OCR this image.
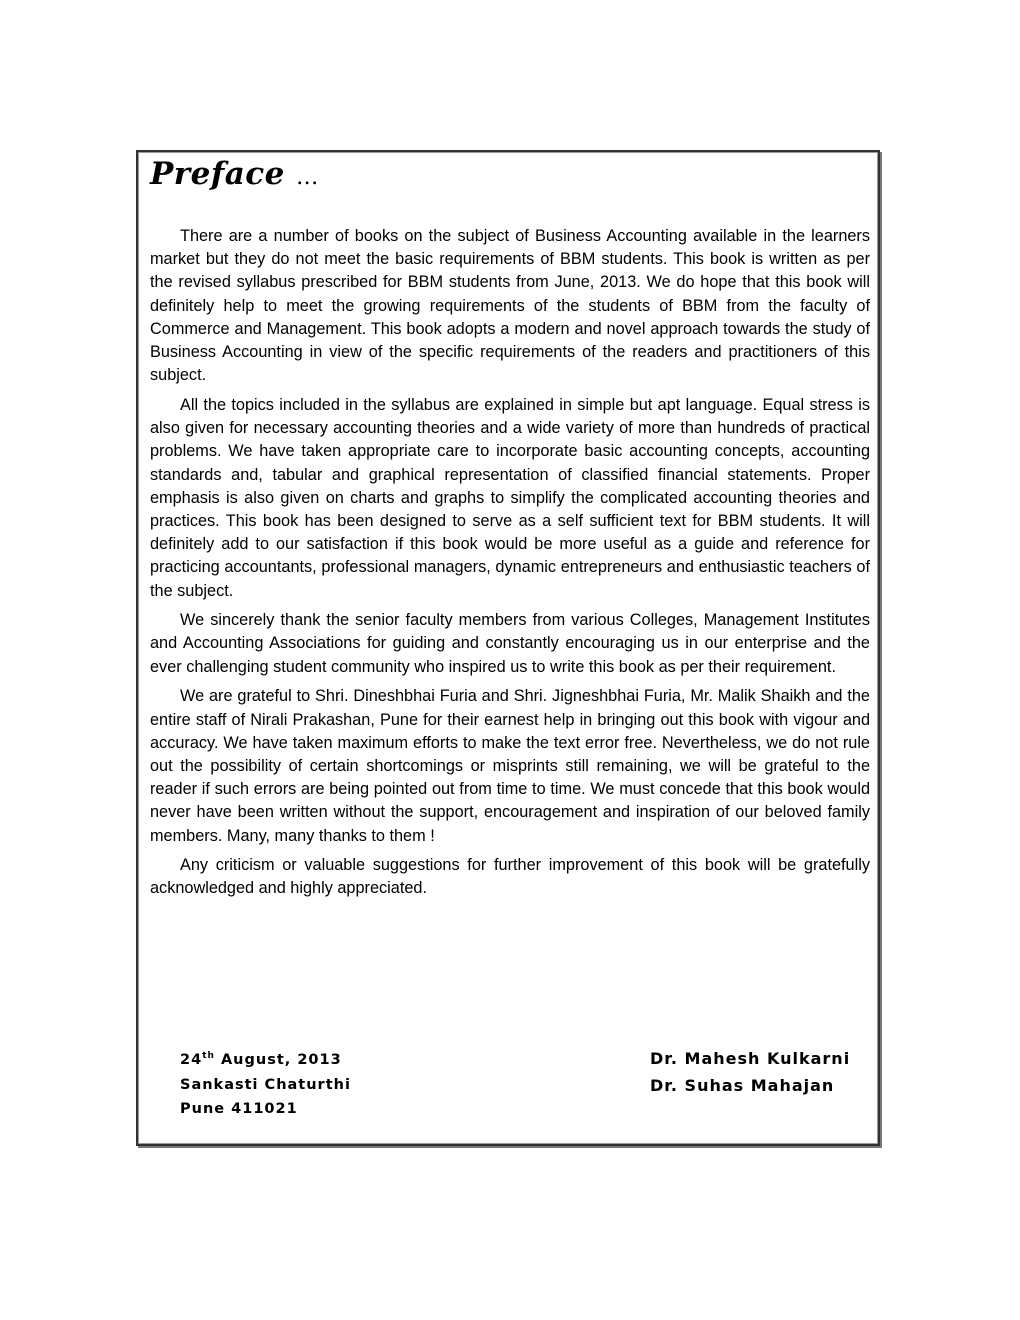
Preface ...

There are a number of books on the subject of Business Accounting available in the learners market but they do not meet the basic requirements of BBM students. This book is written as per the revised syllabus prescribed for BBM students from June, 2013. We do hope that this book will definitely help to meet the growing requirements of the students of BBM from the faculty of Commerce and Management. This book adopts a modern and novel approach towards the study of Business Accounting in view of the specific requirements of the readers and practitioners of this subject.

All the topics included in the syllabus are explained in simple but apt language. Equal stress is also given for necessary accounting theories and a wide variety of more than hundreds of practical problems. We have taken appropriate care to incorporate basic accounting concepts, accounting standards and, tabular and graphical representation of classified financial statements. Proper emphasis is also given on charts and graphs to simplify the complicated accounting theories and practices. This book has been designed to serve as a self sufficient text for BBM students. It will definitely add to our satisfaction if this book would be more useful as a guide and reference for practicing accountants, professional managers, dynamic entrepreneurs and enthusiastic teachers of the subject.

We sincerely thank the senior faculty members from various Colleges, Management Institutes and Accounting Associations for guiding and constantly encouraging us in our enterprise and the ever challenging student community who inspired us to write this book as per their requirement.

We are grateful to Shri. Dineshbhai Furia and Shri. Jigneshbhai Furia, Mr. Malik Shaikh and the entire staff of Nirali Prakashan, Pune for their earnest help in bringing out this book with vigour and accuracy. We have taken maximum efforts to make the text error free. Nevertheless, we do not rule out the possibility of certain shortcomings or misprints still remaining, we will be grateful to the reader if such errors are being pointed out from time to time. We must concede that this book would never have been written without the support, encouragement and inspiration of our beloved family members. Many, many thanks to them !

Any criticism or valuable suggestions for further improvement of this book will be gratefully acknowledged and highly appreciated.

24th August, 2013
Sankasti Chaturthi
Pune 411021
Dr. Mahesh Kulkarni
Dr. Suhas Mahajan
